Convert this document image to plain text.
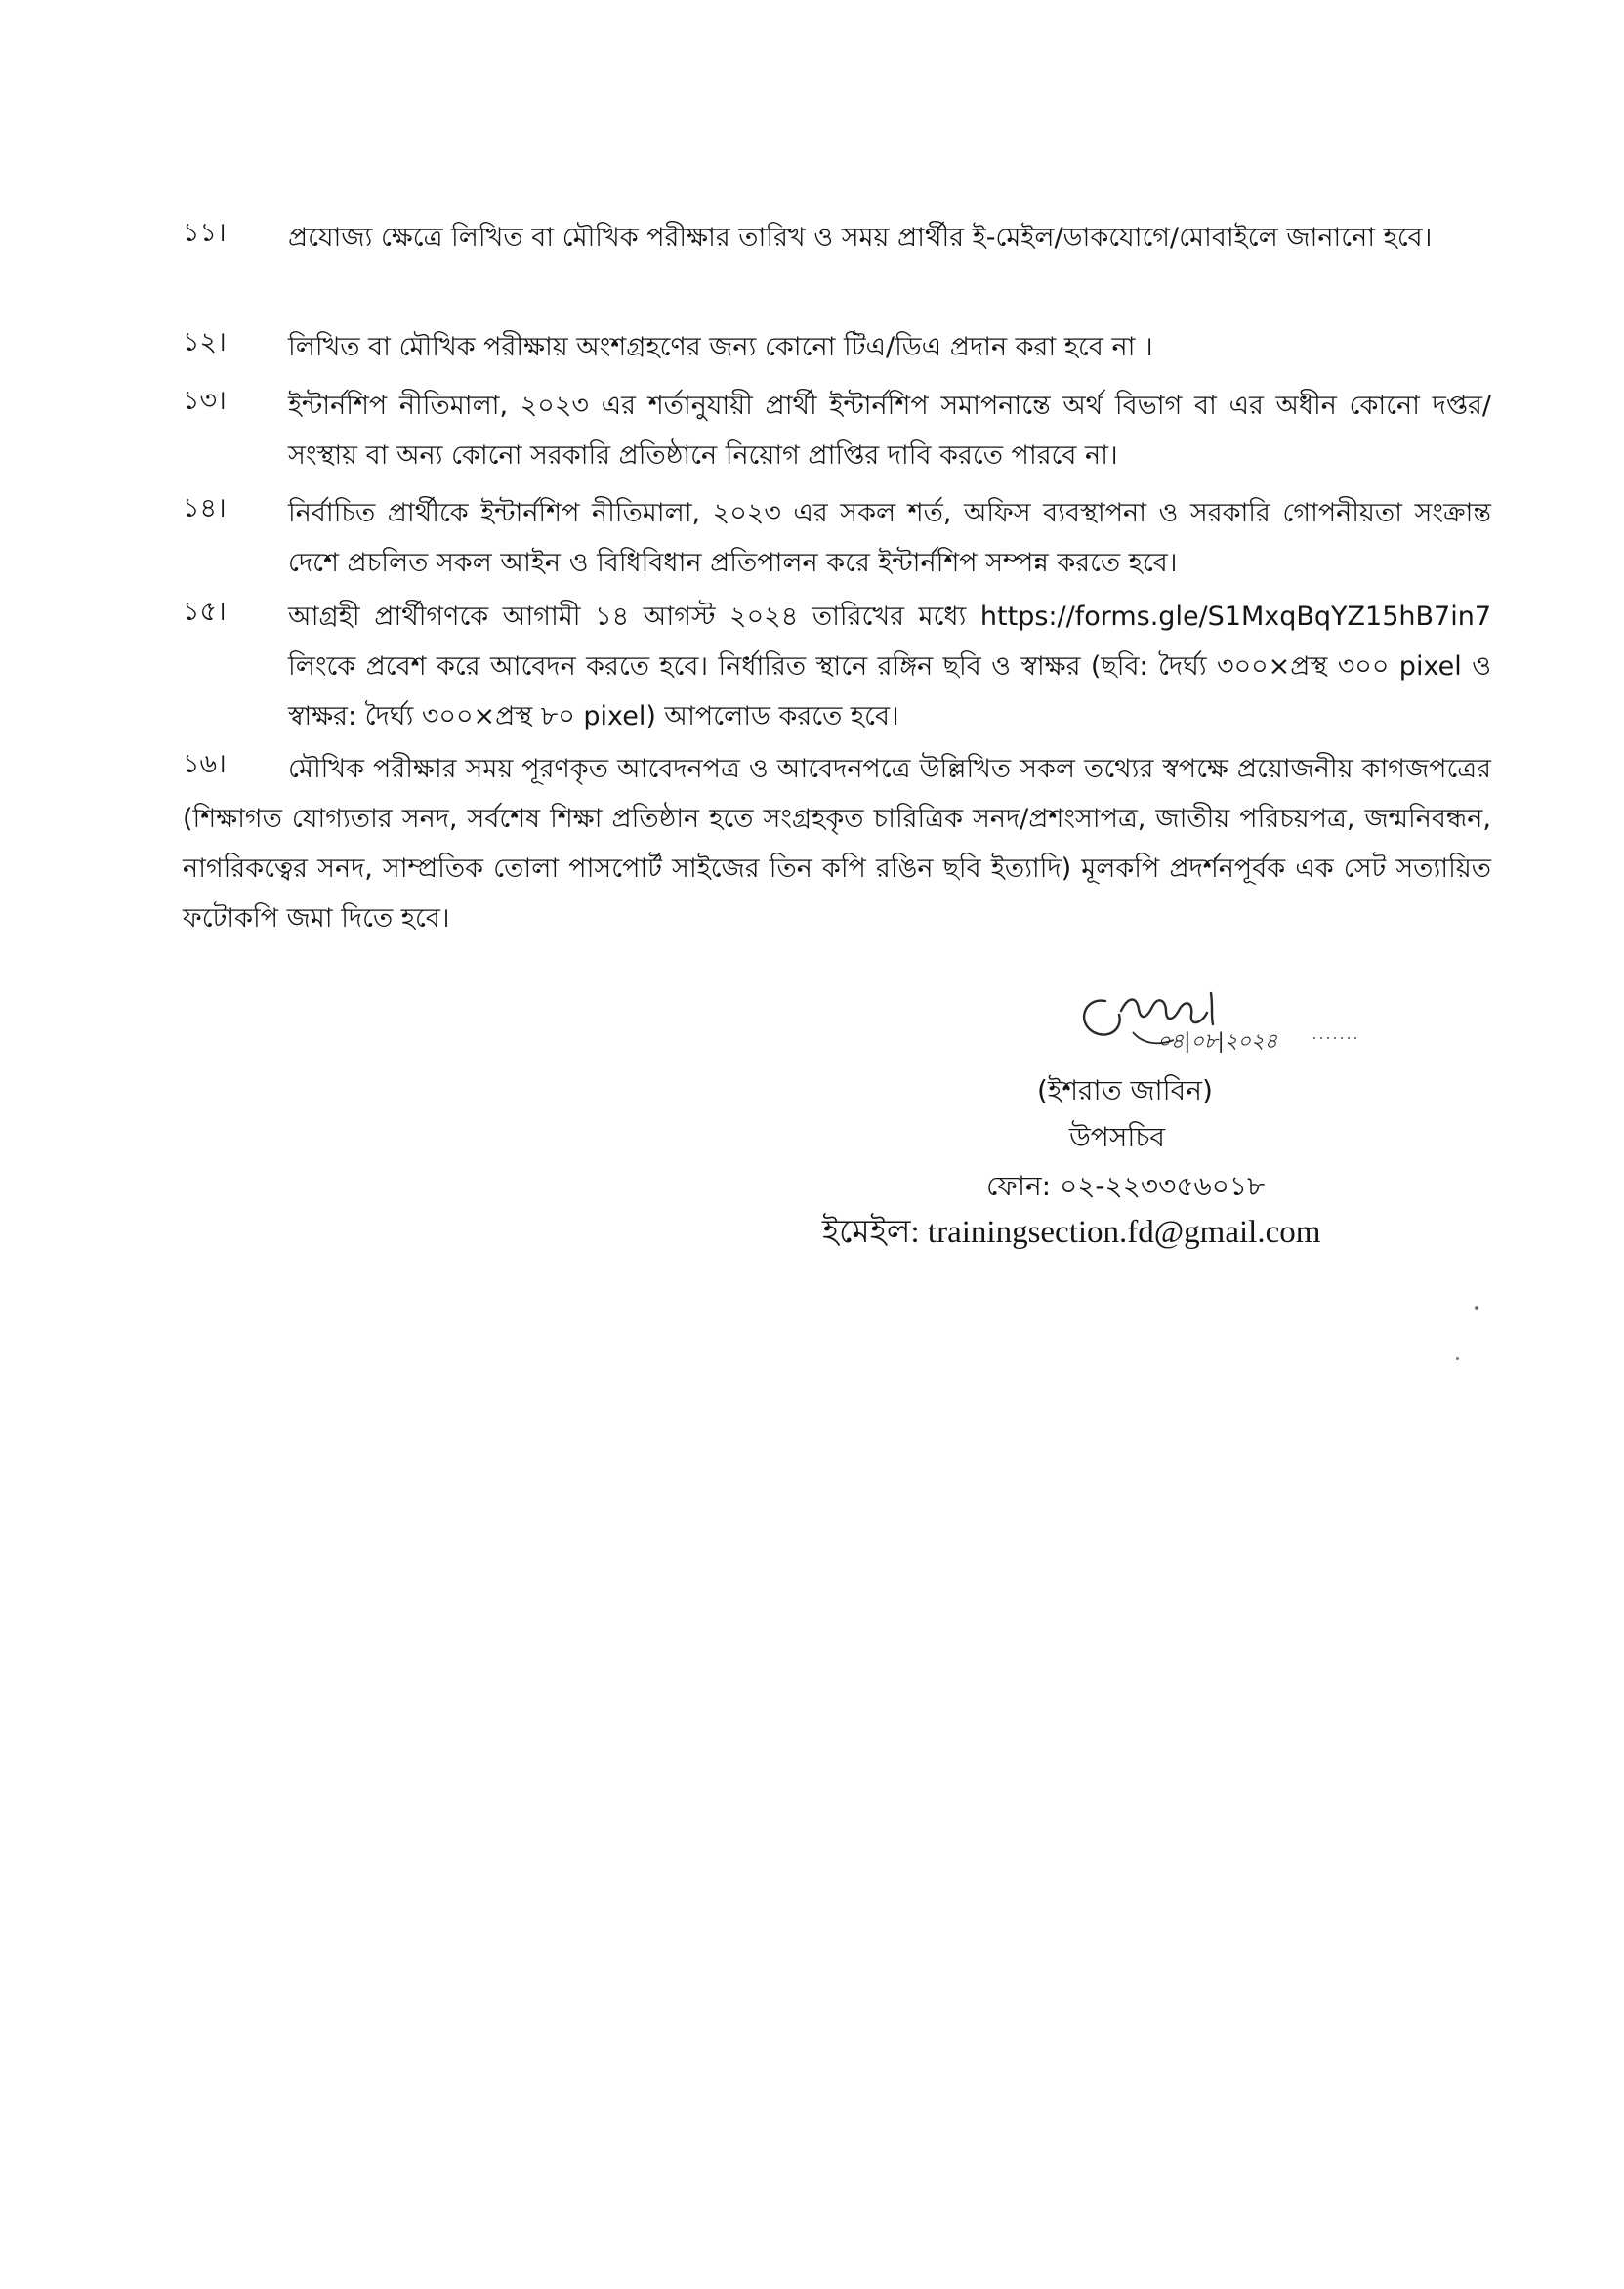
১১। প্রযোজ্য ক্ষেত্রে লিখিত বা মৌখিক পরীক্ষার তারিখ ও সময় প্রার্থীর ই-মেইল/ডাকযোগে/মোবাইলে জানানো হবে।
১২। লিখিত বা মৌখিক পরীক্ষায় অংশগ্রহণের জন্য কোনো টিএ/ডিএ প্রদান করা হবে না ।
১৩। ইন্টার্নশিপ নীতিমালা, ২০২৩ এর শর্তানুযায়ী প্রার্থী ইন্টার্নশিপ সমাপনান্তে অর্থ বিভাগ বা এর অধীন কোনো দপ্তর/সংস্থায় বা অন্য কোনো সরকারি প্রতিষ্ঠানে নিয়োগ প্রাপ্তির দাবি করতে পারবে না।
১৪। নির্বাচিত প্রার্থীকে ইন্টার্নশিপ নীতিমালা, ২০২৩ এর সকল শর্ত, অফিস ব্যবস্থাপনা ও সরকারি গোপনীয়তা সংক্রান্ত দেশে প্রচলিত সকল আইন ও বিধিবিধান প্রতিপালন করে ইন্টার্নশিপ সম্পন্ন করতে হবে।
১৫। আগ্রহী প্রার্থীগণকে আগামী ১৪ আগস্ট ২০২৪ তারিখের মধ্যে https://forms.gle/S1MxqBqYZ15hB7in7 লিংকে প্রবেশ করে আবেদন করতে হবে। নির্ধারিত স্থানে রঙ্গিন ছবি ও স্বাক্ষর (ছবি: দৈর্ঘ্য ৩০০×প্রস্থ ৩০০ pixel ও স্বাক্ষর: দৈর্ঘ্য ৩০০×প্রস্থ ৮০ pixel) আপলোড করতে হবে।
১৬।	মৌখিক পরীক্ষার সময় পূরণকৃত আবেদনপত্র ও আবেদনপত্রে উল্লিখিত সকল তথ্যের স্বপক্ষে প্রয়োজনীয় কাগজপত্রের (শিক্ষাগত যোগ্যতার সনদ, সর্বশেষ শিক্ষা প্রতিষ্ঠান হতে সংগ্রহকৃত চারিত্রিক সনদ/প্রশংসাপত্র, জাতীয় পরিচয়পত্র, জন্মনিবন্ধন, নাগরিকত্বের সনদ, সাম্প্রতিক তোলা পাসপোর্ট সাইজের তিন কপি রঙিন ছবি ইত্যাদি) মূলকপি প্রদর্শনপূর্বক এক সেট সত্যায়িত ফটোকপি জমা দিতে হবে।
০৪|০৮|২০২৪
(ইশরাত জাবিন)
উপসচিব
ফোন: ০২-২২৩৩৫৬০১৮
ইমেইল: trainingsection.fd@gmail.com
